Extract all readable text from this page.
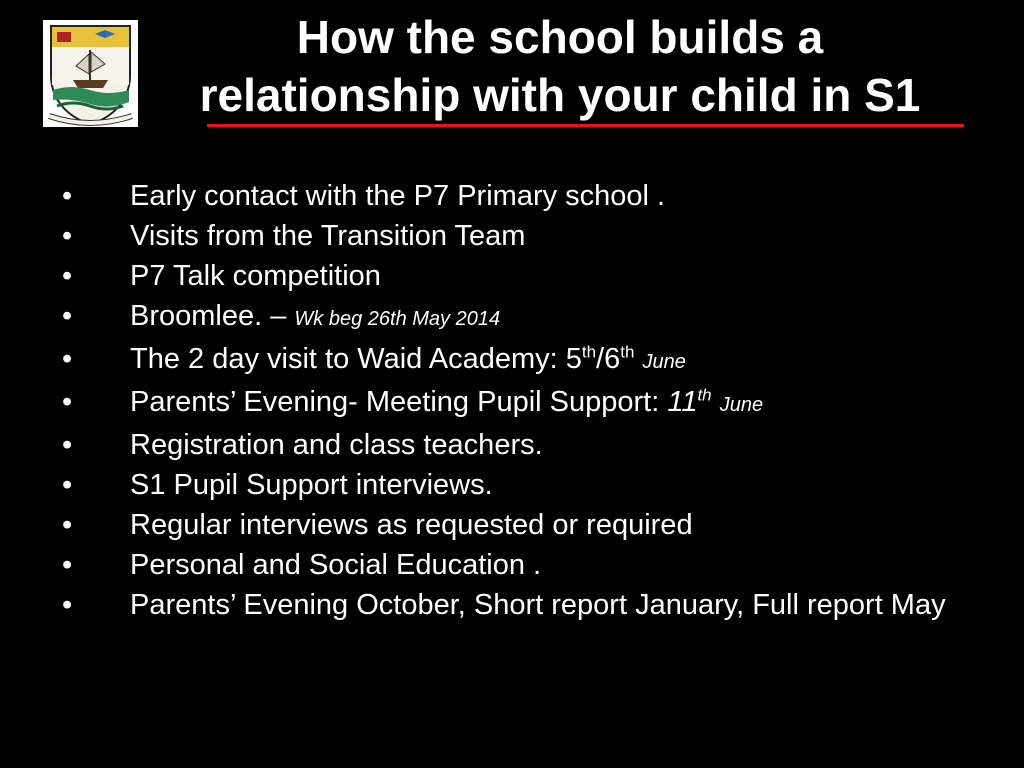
How the school builds a
relationship with your child in S1
•	Early contact with the P7 Primary school .
•	Visits from the Transition Team
•	P7 Talk competition
•	Broomlee. – Wk beg 26th May 2014
•	The 2 day visit to Waid Academy: 5th/6th June
•	Parents’ Evening- Meeting Pupil Support: 11th June
•	Registration and class teachers.
•	S1 Pupil Support interviews.
•	Regular interviews as requested or required
•	Personal and Social Education .
•	Parents’ Evening October, Short report January, Full report May
